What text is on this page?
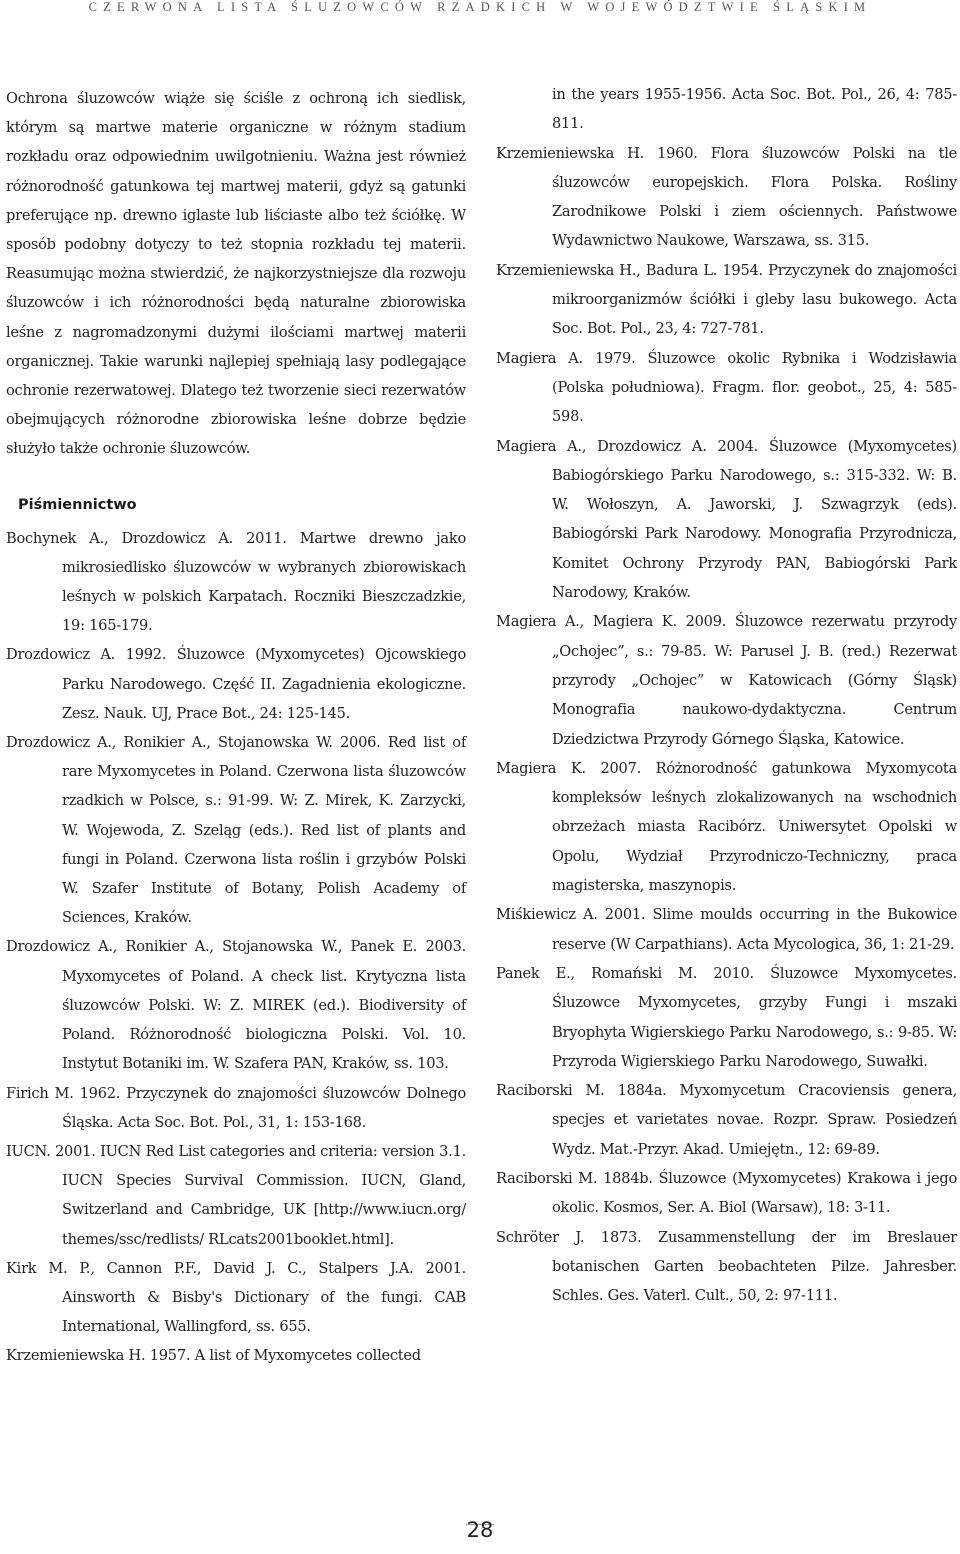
CZERWONA LISTA ŚLUZOWCÓW RZADKICH W WOJEWÓDZTWIE ŚLĄSKIM

Ochrona śluzowców wiąże się ściśle z ochroną ich siedlisk, którym są martwe materie organiczne w różnym stadium rozkładu oraz odpowiednim uwilgotnieniu. Ważna jest również różnorodność gatunkowa tej martwej materii, gdyż są gatunki preferujące np. drewno iglaste lub liściaste albo też ściółkę. W sposób podobny dotyczy to też stopnia rozkładu tej materii. Reasumując można stwierdzić, że najkorzystniejsze dla rozwoju śluzowców i ich różnorodności będą naturalne zbiorowiska leśne z nagromadzonymi dużymi ilościami martwej materii organicznej. Takie warunki najlepiej spełniają lasy podlegające ochronie rezerwatowej. Dlatego też tworzenie sieci rezerwatów obejmujących różnorodne zbiorowiska leśne dobrze będzie służyło także ochronie śluzowców.

Piśmiennictwo
Bochynek A., Drozdowicz A. 2011. Martwe drewno jako mikrosiedlisko śluzowców w wybranych zbiorowiskach leśnych w polskich Karpatach. Roczniki Bieszczadzkie, 19: 165-179.
Drozdowicz A. 1992. Śluzowce (Myxomycetes) Ojcowskiego Parku Narodowego. Część II. Zagadnienia ekologiczne. Zesz. Nauk. UJ, Prace Bot., 24: 125-145.
Drozdowicz A., Ronikier A., Stojanowska W. 2006. Red list of rare Myxomycetes in Poland. Czerwona lista śluzowców rzadkich w Polsce, s.: 91-99. W: Z. Mirek, K. Zarzycki, W. Wojewoda, Z. Szeląg (eds.). Red list of plants and fungi in Poland. Czerwona lista roślin i grzybów Polski W. Szafer Institute of Botany, Polish Academy of Sciences, Kraków.
Drozdowicz A., Ronikier A., Stojanowska W., Panek E. 2003. Myxomycetes of Poland. A check list. Krytyczna lista śluzowców Polski. W: Z. MIREK (ed.). Biodiversity of Poland. Różnorodność biologiczna Polski. Vol. 10. Instytut Botaniki im. W. Szafera PAN, Kraków, ss. 103.
Firich M. 1962. Przyczynek do znajomości śluzowców Dolnego Śląska. Acta Soc. Bot. Pol., 31, 1: 153-168.
IUCN. 2001. IUCN Red List categories and criteria: version 3.1. IUCN Species Survival Commission. IUCN, Gland, Switzerland and Cambridge, UK [http://www.iucn.org/ themes/ssc/redlists/ RLcats2001booklet.html].
Kirk M. P., Cannon P.F., David J. C., Stalpers J.A. 2001. Ainsworth & Bisby's Dictionary of the fungi. CAB International, Wallingford, ss. 655.
Krzemieniewska H. 1957. A list of Myxomycetes collected
in the years 1955-1956. Acta Soc. Bot. Pol., 26, 4: 785-811.
Krzemieniewska H. 1960. Flora śluzowców Polski na tle śluzowców europejskich. Flora Polska. Rośliny Zarodnikowe Polski i ziem ościennych. Państwowe Wydawnictwo Naukowe, Warszawa, ss. 315.
Krzemieniewska H., Badura L. 1954. Przyczynek do znajomości mikroorganizmów ściółki i gleby lasu bukowego. Acta Soc. Bot. Pol., 23, 4: 727-781.
Magiera A. 1979. Śluzowce okolic Rybnika i Wodzisławia (Polska południowa). Fragm. flor. geobot., 25, 4: 585-598.
Magiera A., Drozdowicz A. 2004. Śluzowce (Myxomycetes) Babiogórskiego Parku Narodowego, s.: 315-332. W: B. W. Wołoszyn, A. Jaworski, J. Szwagrzyk (eds). Babiogórski Park Narodowy. Monografia Przyrodnicza, Komitet Ochrony Przyrody PAN, Babiogórski Park Narodowy, Kraków.
Magiera A., Magiera K. 2009. Śluzowce rezerwatu przyrody „Ochojec”, s.: 79-85. W: Parusel J. B. (red.) Rezerwat przyrody „Ochojec” w Katowicach (Górny Śląsk) Monografia naukowo-dydaktyczna. Centrum Dziedzictwa Przyrody Górnego Śląska, Katowice.
Magiera K. 2007. Różnorodność gatunkowa Myxomycota kompleksów leśnych zlokalizowanych na wschodnich obrzeżach miasta Racibórz. Uniwersytet Opolski w Opolu, Wydział Przyrodniczo-Techniczny, praca magisterska, maszynopis.
Miśkiewicz A. 2001. Slime moulds occurring in the Bukowice reserve (W Carpathians). Acta Mycologica, 36, 1: 21-29.
Panek E., Romański M. 2010. Śluzowce Myxomycetes. Śluzowce Myxomycetes, grzyby Fungi i mszaki Bryophyta Wigierskiego Parku Narodowego, s.: 9-85. W: Przyroda Wigierskiego Parku Narodowego, Suwałki.
Raciborski M. 1884a. Myxomycetum Cracoviensis genera, specjes et varietates novae. Rozpr. Spraw. Posiedzeń Wydz. Mat.-Przyr. Akad. Umiejętn., 12: 69-89.
Raciborski M. 1884b. Śluzowce (Myxomycetes) Krakowa i jego okolic. Kosmos, Ser. A. Biol (Warsaw), 18: 3-11.
Schröter J. 1873. Zusammenstellung der im Breslauer botanischen Garten beobachteten Pilze. Jahresber. Schles. Ges. Vaterl. Cult., 50, 2: 97-111.
28
